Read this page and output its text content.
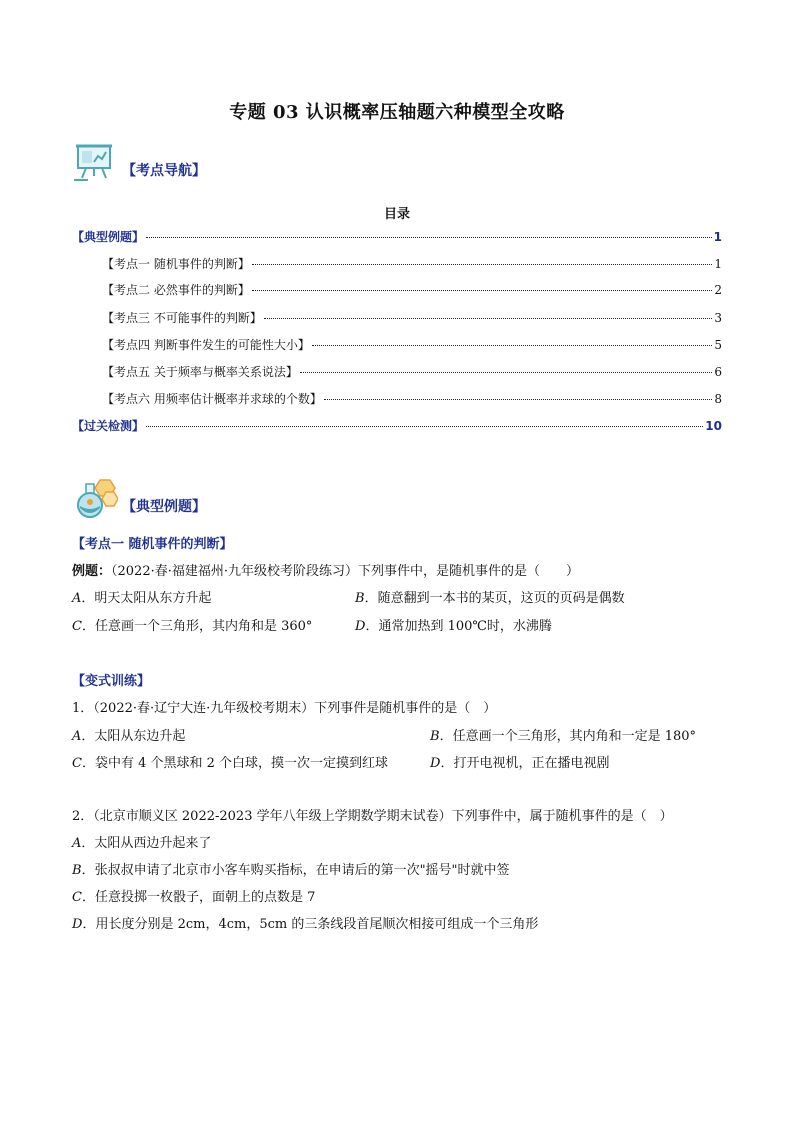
专题 03 认识概率压轴题六种模型全攻略
【考点导航】
目录
【典型例题】	1
【考点一 随机事件的判断】	1
【考点二 必然事件的判断】	2
【考点三 不可能事件的判断】	3
【考点四 判断事件发生的可能性大小】	5
【考点五 关于频率与概率关系说法】	6
【考点六 用频率估计概率并求球的个数】	8
【过关检测】	10
【典型例题】
【考点一 随机事件的判断】
例题：（2022·春·福建福州·九年级校考阶段练习）下列事件中，是随机事件的是（　　）
A．明天太阳从东方升起	B．随意翻到一本书的某页，这页的页码是偶数
C．任意画一个三角形，其内角和是 360°	D．通常加热到 100℃时，水沸腾
【变式训练】
1．（2022·春·辽宁大连·九年级校考期末）下列事件是随机事件的是（　）
A．太阳从东边升起	B．任意画一个三角形，其内角和一定是 180°
C．袋中有 4 个黑球和 2 个白球，摸一次一定摸到红球	D．打开电视机，正在播电视剧
2．（北京市顺义区 2022-2023 学年八年级上学期数学期末试卷）下列事件中，属于随机事件的是（　）
A．太阳从西边升起来了
B．张叔叔申请了北京市小客车购买指标，在申请后的第一次"摇号"时就中签
C．任意投掷一枚骰子，面朝上的点数是 7
D．用长度分别是 2cm，4cm，5cm 的三条线段首尾顺次相接可组成一个三角形
